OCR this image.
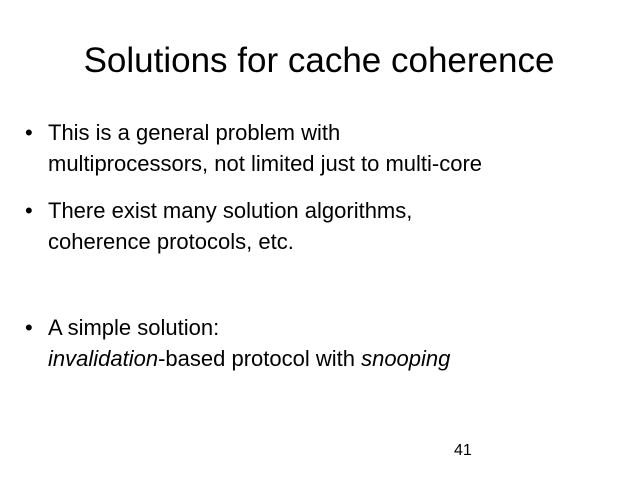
Solutions for cache coherence
• This is a general problem with
multiprocessors, not limited just to multi-core
• There exist many solution algorithms,
coherence protocols, etc.
• A simple solution:
invalidation-based protocol with snooping
41
